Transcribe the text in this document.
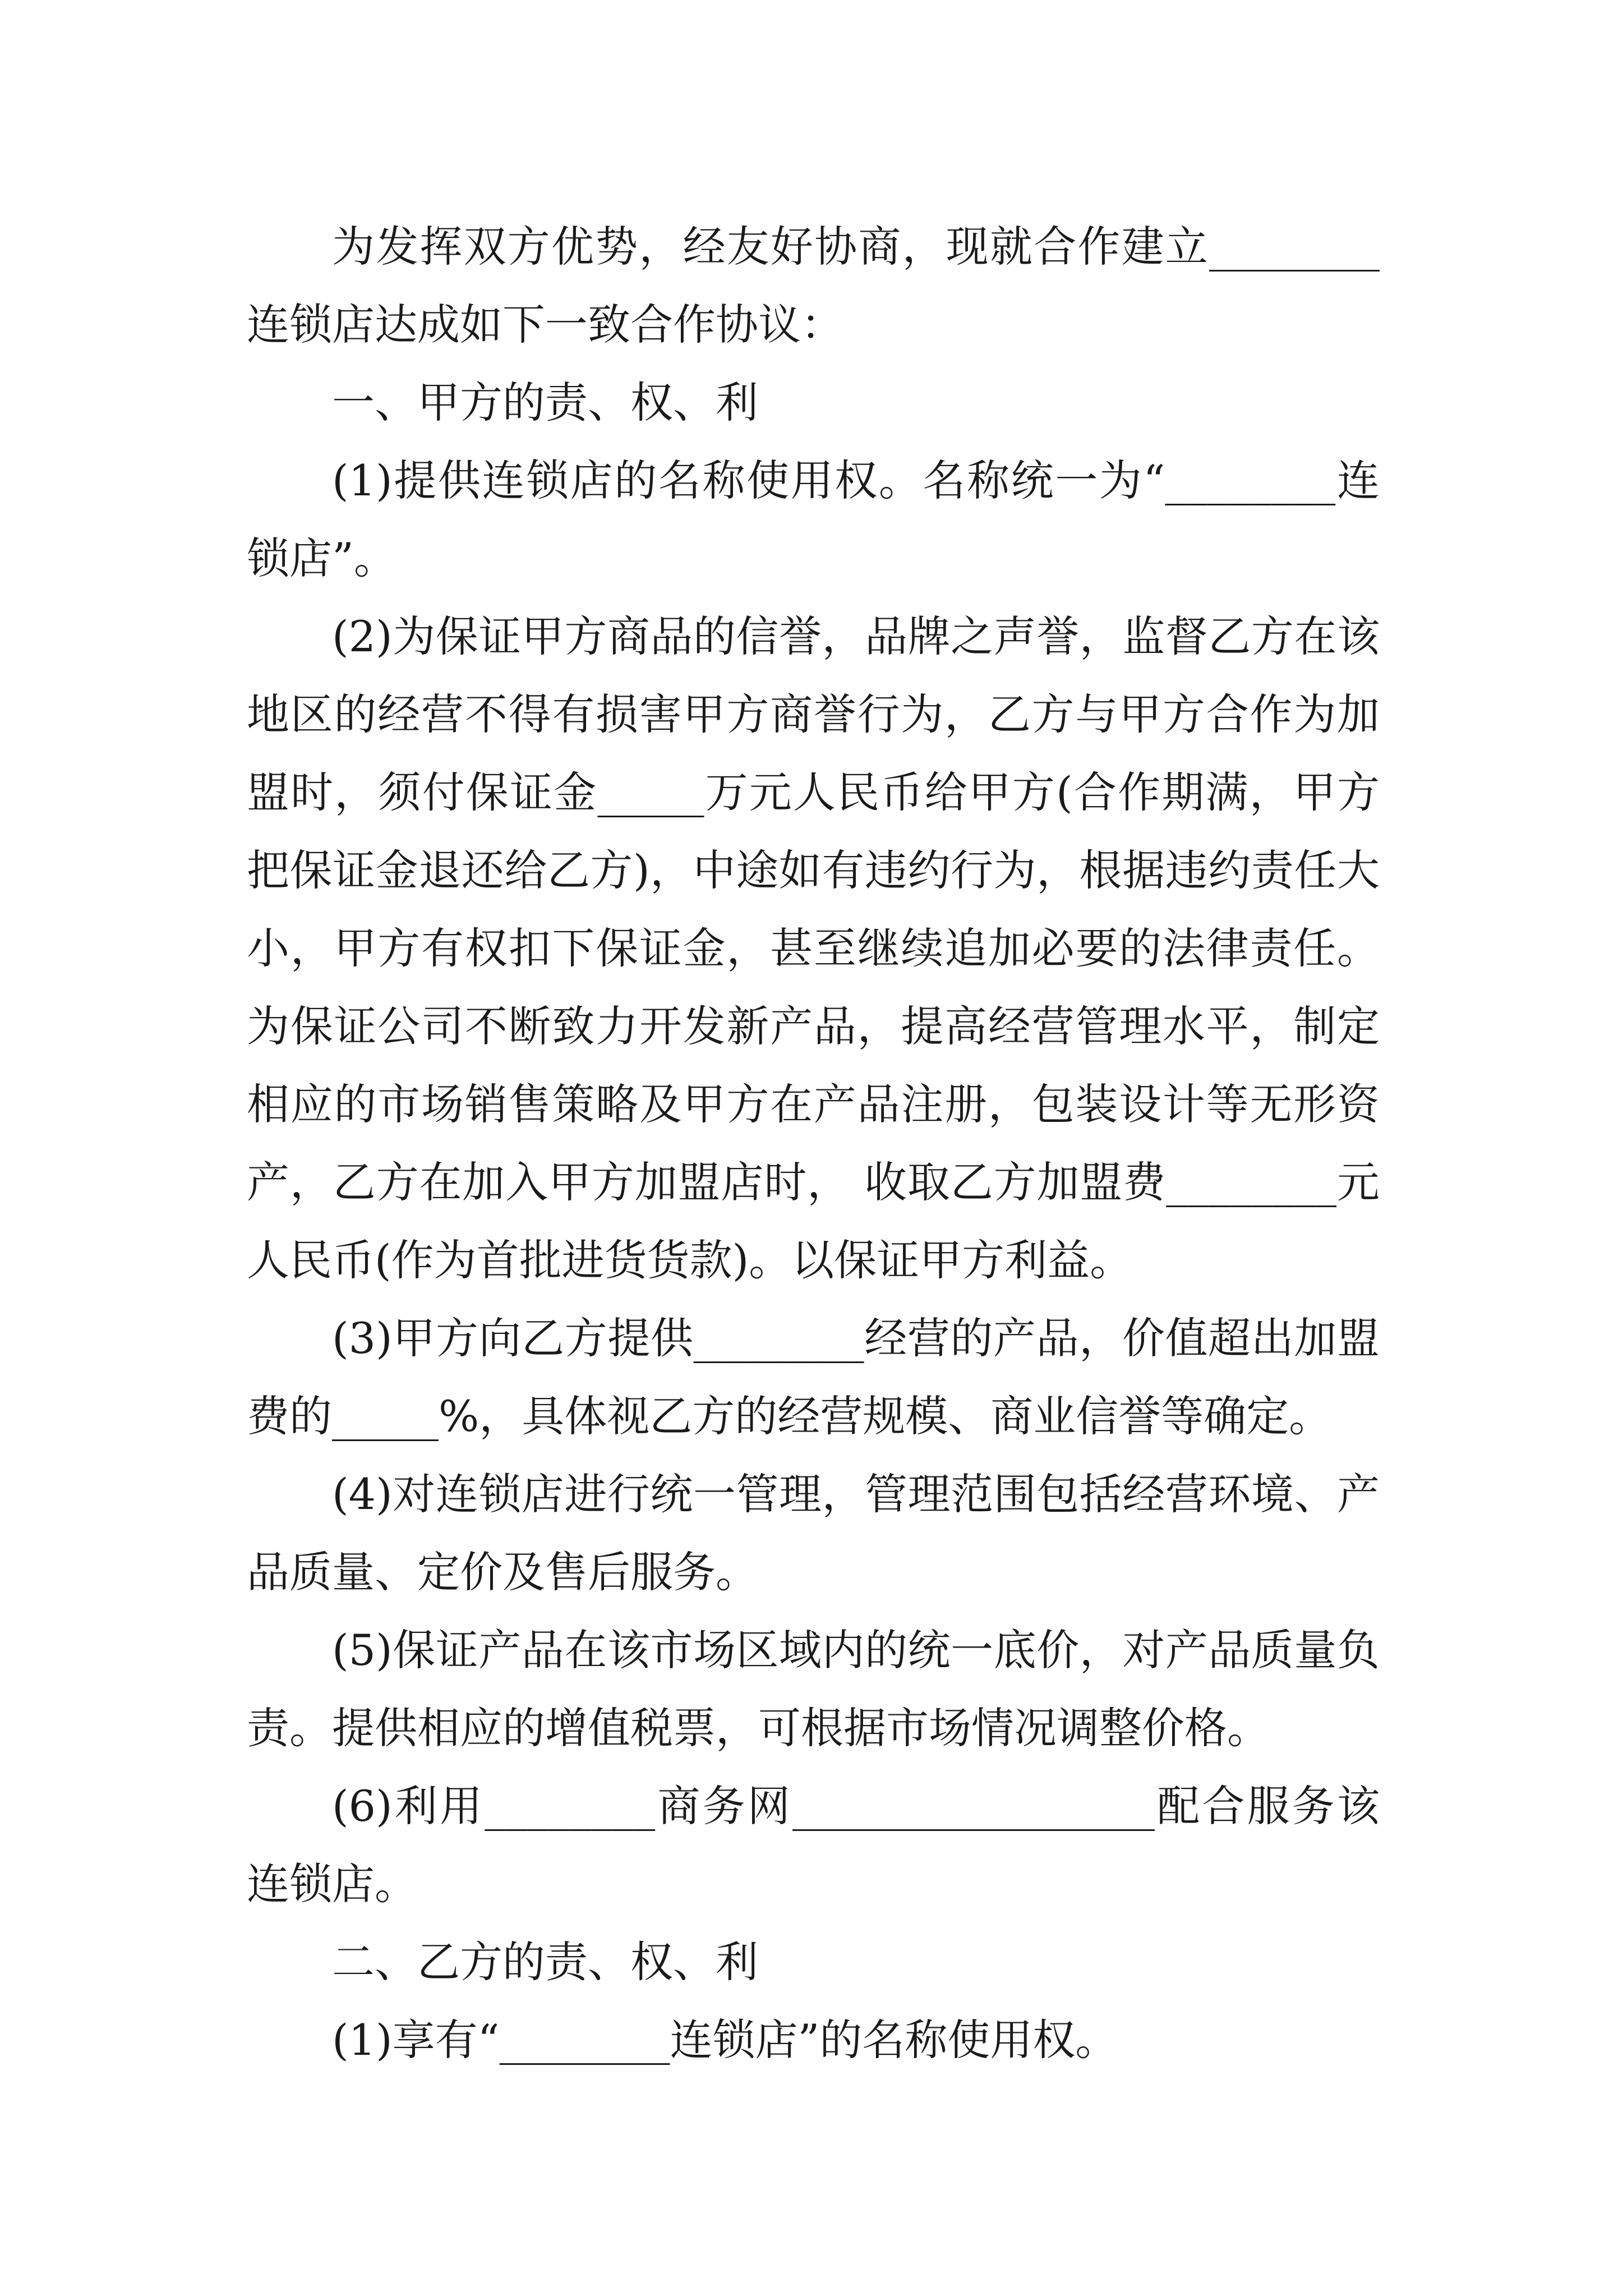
为发挥双方优势，经友好协商，现就合作建立________连锁店达成如下一致合作协议：

一、甲方的责、权、利

(1)提供连锁店的名称使用权。名称统一为“________连锁店”。

(2)为保证甲方商品的信誉，品牌之声誉，监督乙方在该地区的经营不得有损害甲方商誉行为，乙方与甲方合作为加盟时，须付保证金_____万元人民币给甲方(合作期满，甲方把保证金退还给乙方)，中途如有违约行为，根据违约责任大小，甲方有权扣下保证金，甚至继续追加必要的法律责任。为保证公司不断致力开发新产品，提高经营管理水平，制定相应的市场销售策略及甲方在产品注册，包装设计等无形资产，乙方在加入甲方加盟店时， 收取乙方加盟费________元人民币(作为首批进货货款)。以保证甲方利益。

(3)甲方向乙方提供________经营的产品，价值超出加盟费的_____%，具体视乙方的经营规模、商业信誉等确定。

(4)对连锁店进行统一管理，管理范围包括经营环境、产品质量、定价及售后服务。

(5)保证产品在该市场区域内的统一底价，对产品质量负责。提供相应的增值税票，可根据市场情况调整价格。

(6)利用________商务网_________________配合服务该连锁店。

二、乙方的责、权、利

(1)享有“________连锁店”的名称使用权。
